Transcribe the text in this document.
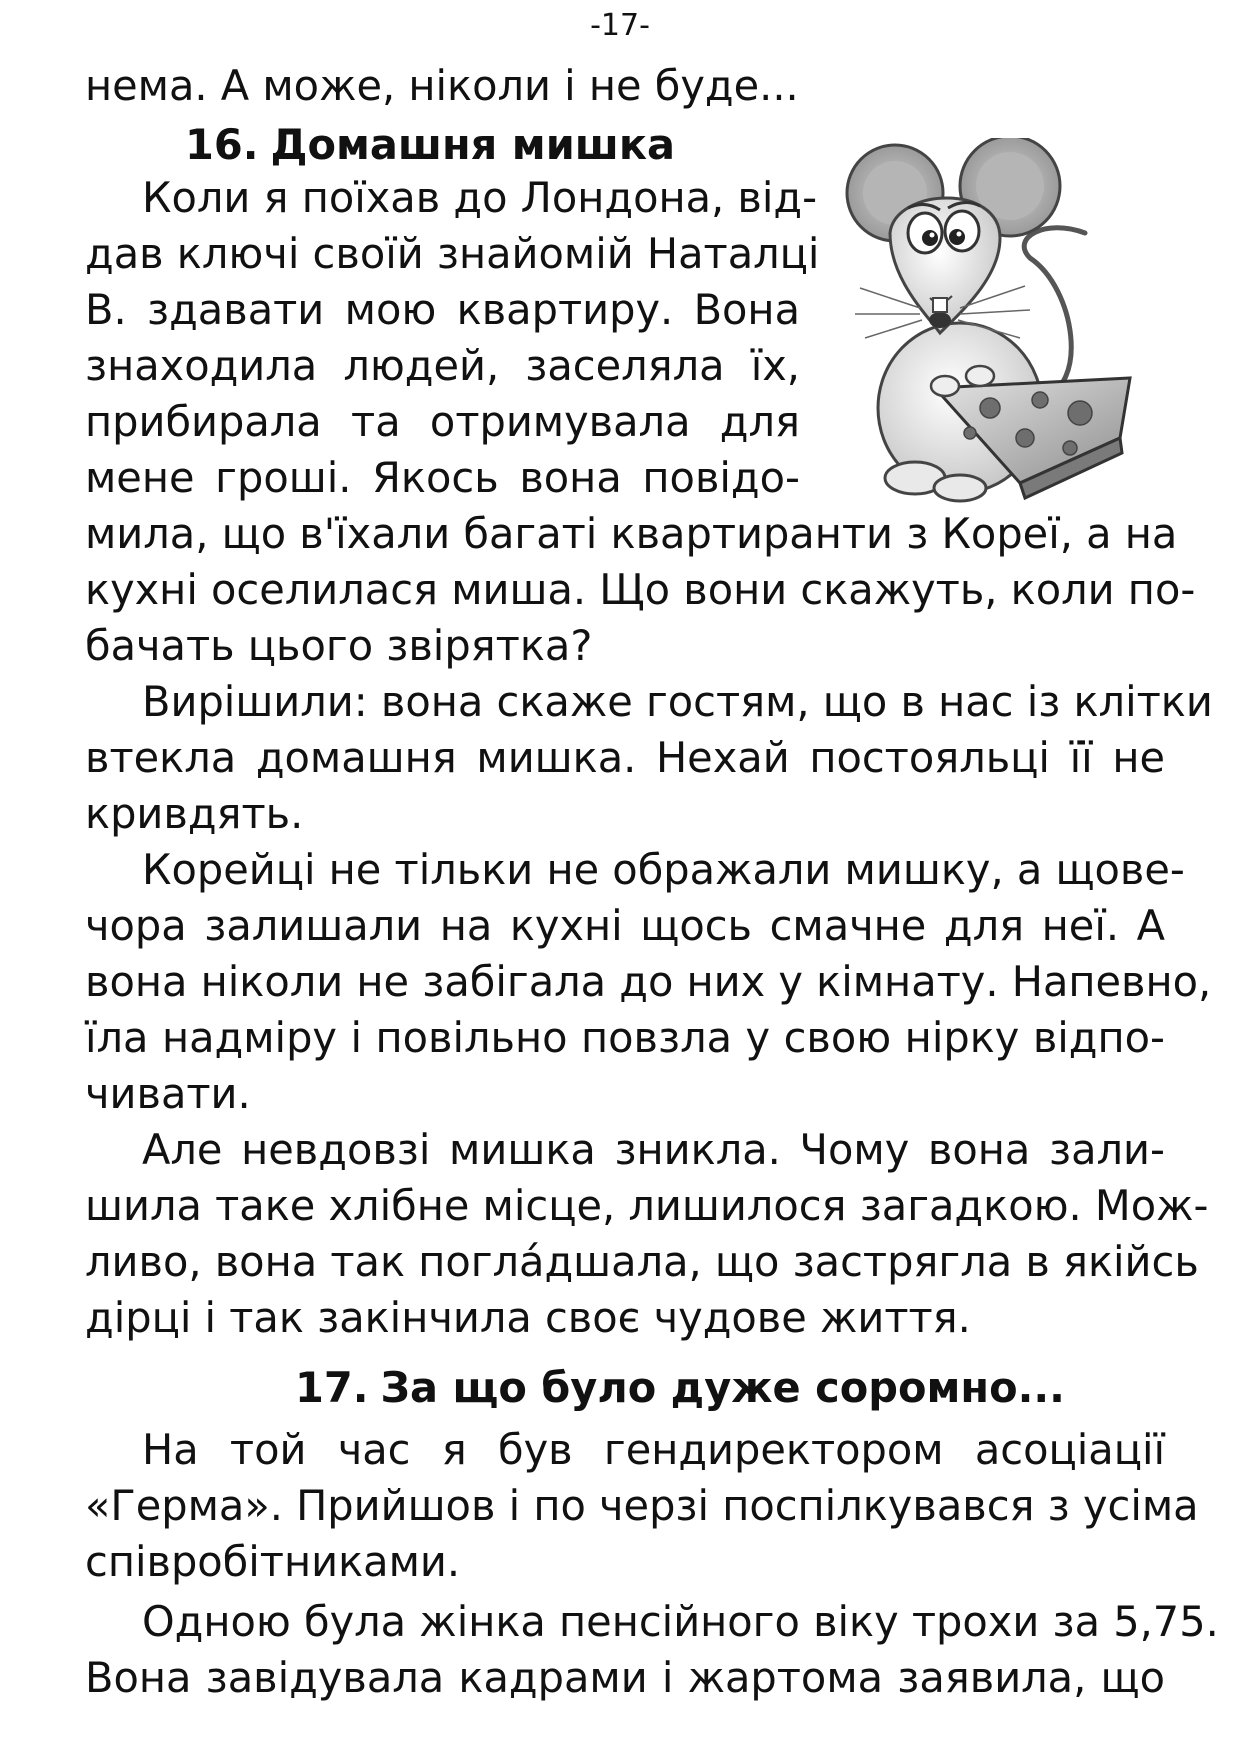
-17-

нема. А може, ніколи і не буде...

16. Домашня мишка

Коли я поїхав до Лондона, від-

дав ключі своїй знайомій Наталці

В. здавати мою квартиру. Вона

знаходила людей, заселяла їх,

прибирала та отримувала для

мене гроші. Якось вона повідо-

мила, що в'їхали багаті квартиранти з Кореї, а на

кухні оселилася миша. Що вони скажуть, коли по-

бачать цього звірятка?

Вирішили: вона скаже гостям, що в нас із клітки

втекла домашня мишка. Нехай постояльці її не

кривдять.

Корейці не тільки не ображали мишку, а щове-

чора залишали на кухні щось смачне для неї. А

вона ніколи не забігала до них у кімнату. Напевно,

їла надміру і повільно повзла у свою нірку відпо-

чивати.

Але невдовзі мишка зникла. Чому вона зали-

шила таке хлібне місце, лишилося загадкою. Мож-

ливо, вона так поглáдшала, що застрягла в якійсь

дірці і так закінчила своє чудове життя.

17. За що було дуже соромно...

На той час я був гендиректором асоціації

«Герма». Прийшов і по черзі поспілкувався з усіма

співробітниками.

Одною була жінка пенсійного віку трохи за 5,75.

Вона завідувала кадрами і жартома заявила, що
